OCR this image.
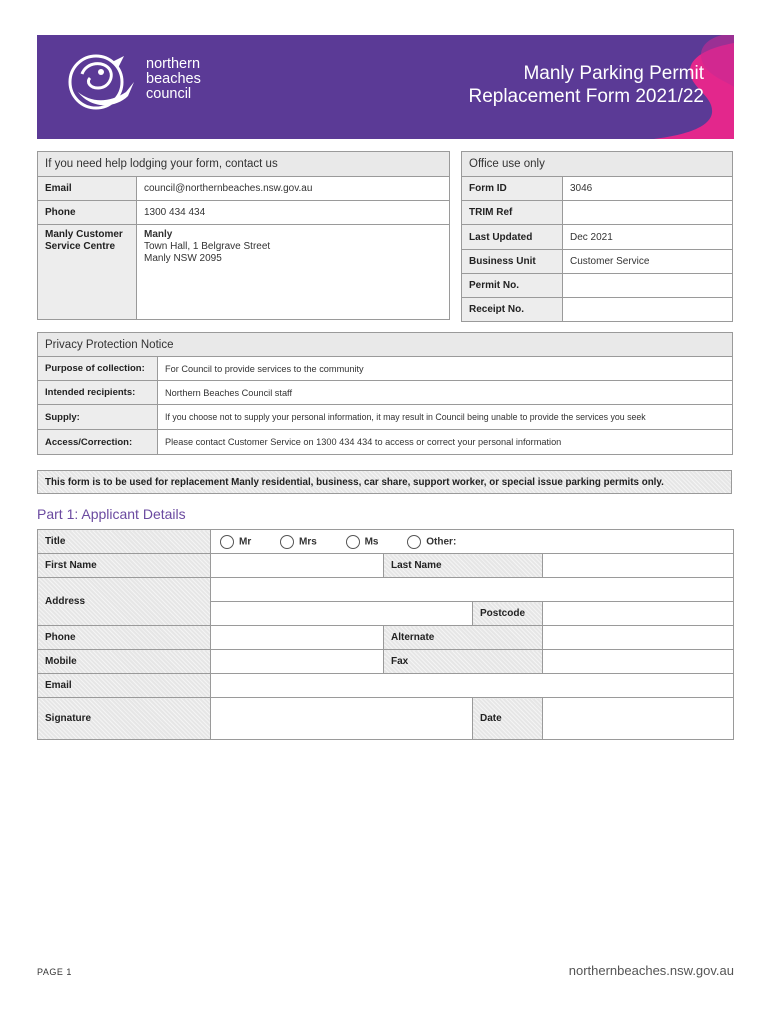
northern
beaches
council
Manly Parking Permit
Replacement Form 2021/22
If you need help lodging your form, contact us	
Email	council@northernbeaches.nsw.gov.au
Phone	1300 434 434
Manly Customer Service Centre	Manly
Town Hall, 1 Belgrave Street
Manly NSW 2095
Office use only	
Form ID	3046
TRIM Ref	
Last Updated	Dec 2021
Business Unit	Customer Service
Permit No.	
Receipt No.	
Privacy Protection Notice	
Purpose of collection:	For Council to provide services to the community
Intended recipients:	Northern Beaches Council staff
Supply:	If you choose not to supply your personal information, it may result in Council being unable to provide the services you seek
Access/Correction:	Please contact Customer Service on 1300 434 434 to access or correct your personal information
This form is to be used for replacement Manly residential, business, car share, support worker, or special issue parking permits only.
Part 1: Applicant Details
Title	Mr Mrs Ms Other:			
First Name		Last Name		
Address				
			Postcode	
Phone		Alternate		
Mobile		Fax		
Email				
Signature			Date	
PAGE 1	northernbeaches.nsw.gov.au
